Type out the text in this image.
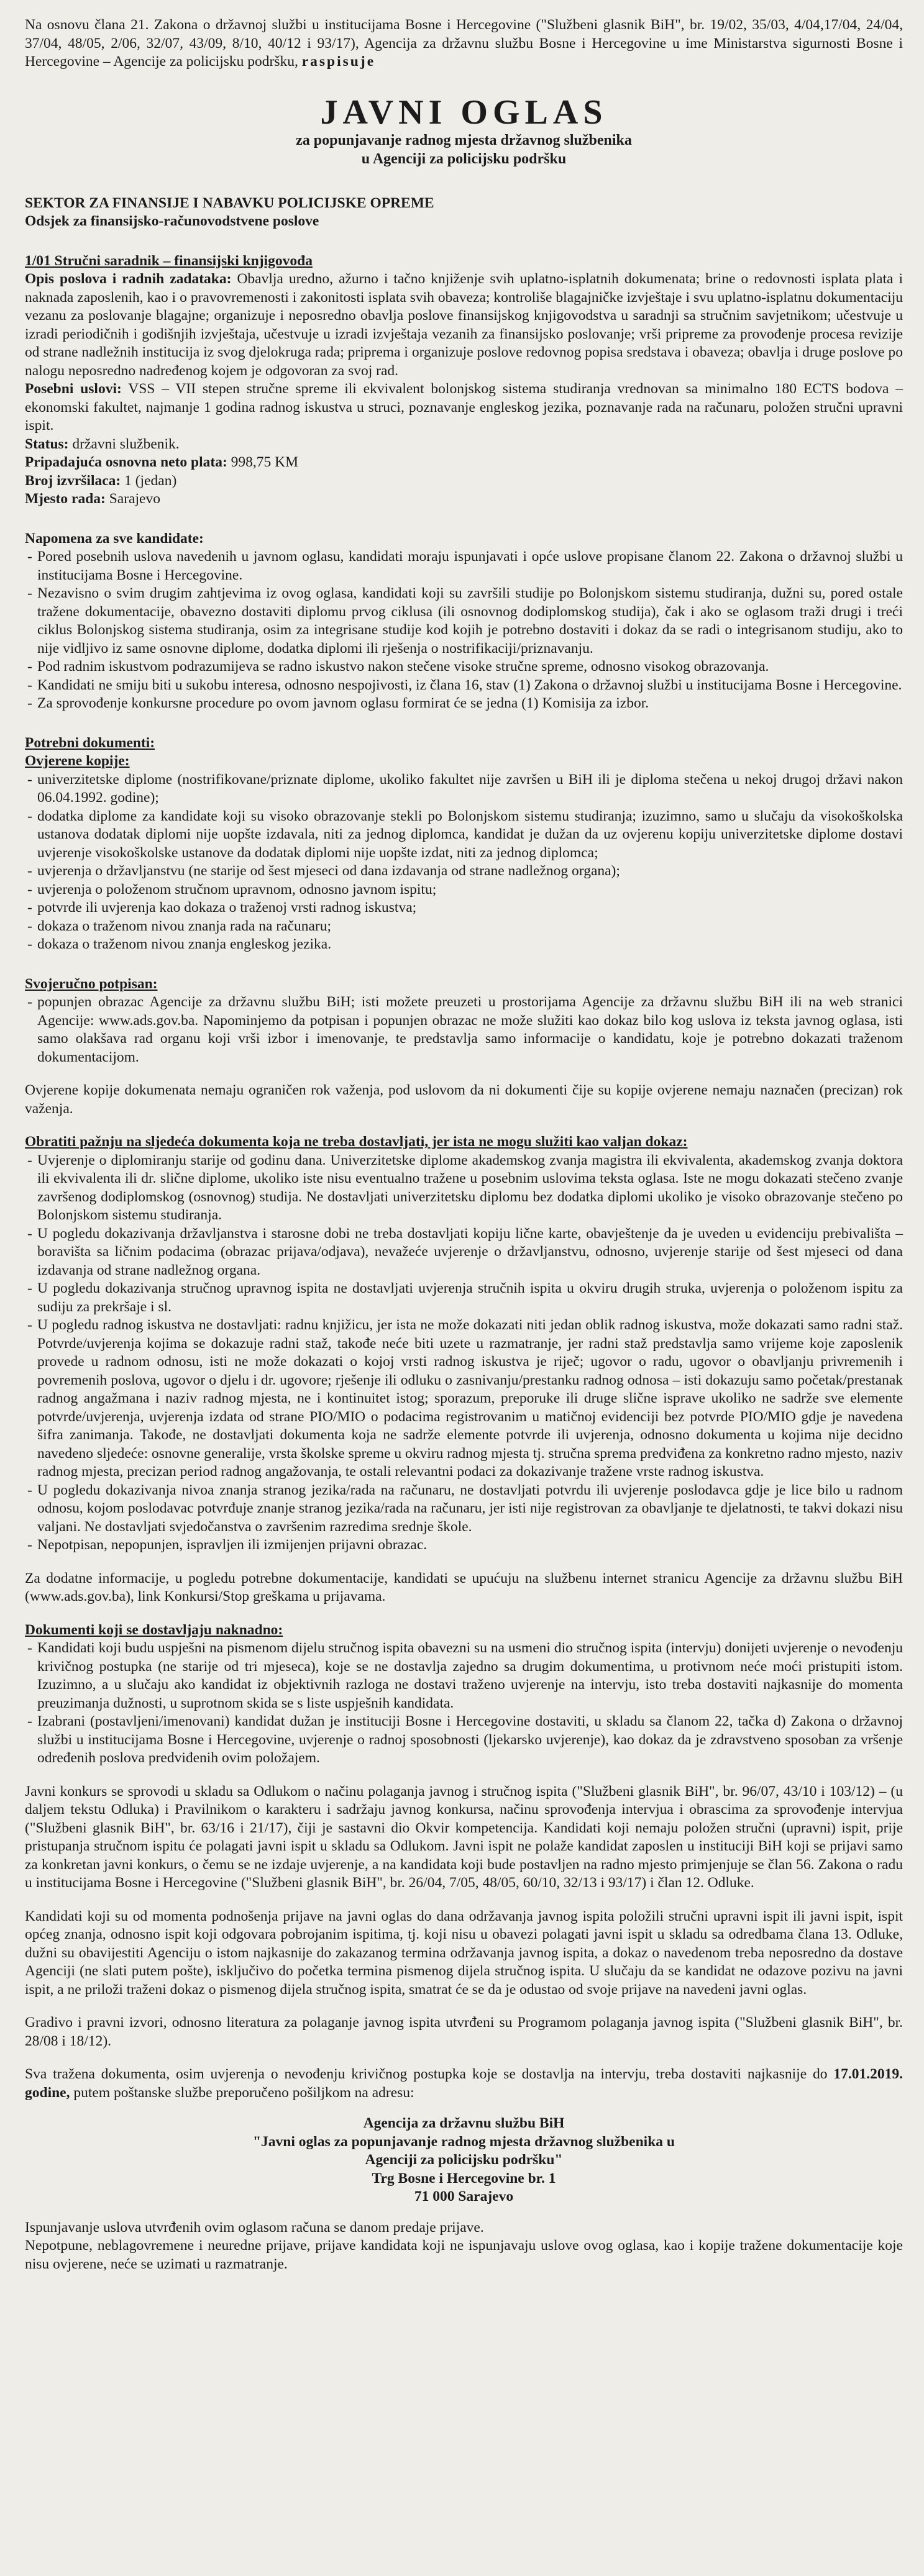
Na osnovu člana 21. Zakona o državnoj službi u institucijama Bosne i Hercegovine ("Službeni glasnik BiH", br. 19/02, 35/03, 4/04,17/04, 24/04, 37/04, 48/05, 2/06, 32/07, 43/09, 8/10, 40/12 i 93/17), Agencija za državnu službu Bosne i Hercegovine u ime Ministarstva sigurnosti Bosne i Hercegovine – Agencije za policijsku podršku, raspisuje

JAVNI OGLAS
za popunjavanje radnog mjesta državnog službenika
u Agenciji za policijsku podršku

SEKTOR ZA FINANSIJE I NABAVKU POLICIJSKE OPREME

Odsjek za finansijsko-računovodstvene poslove

1/01 Stručni saradnik – finansijski knjigovođa

Opis poslova i radnih zadataka: Obavlja uredno, ažurno i tačno knjiženje svih uplatno-isplatnih dokumenata; brine o redovnosti isplata plata i naknada zaposlenih, kao i o pravovremenosti i zakonitosti isplata svih obaveza; kontroliše blagajničke izvještaje i svu uplatno-isplatnu dokumentaciju vezanu za poslovanje blagajne; organizuje i neposredno obavlja poslove finansijskog knjigovodstva u saradnji sa stručnim savjetnikom; učestvuje u izradi periodičnih i godišnjih izvještaja, učestvuje u izradi izvještaja vezanih za finansijsko poslovanje; vrši pripreme za provođenje procesa revizije od strane nadležnih institucija iz svog djelokruga rada; priprema i organizuje poslove redovnog popisa sredstava i obaveza; obavlja i druge poslove po nalogu neposredno nadređenog kojem je odgovoran za svoj rad.

Posebni uslovi: VSS – VII stepen stručne spreme ili ekvivalent bolonjskog sistema studiranja vrednovan sa minimalno 180 ECTS bodova – ekonomski fakultet, najmanje 1 godina radnog iskustva u struci, poznavanje engleskog jezika, poznavanje rada na računaru, položen stručni upravni ispit.

Status: državni službenik.

Pripadajuća osnovna neto plata: 998,75 KM

Broj izvršilaca: 1 (jedan)

Mjesto rada: Sarajevo

Napomena za sve kandidate:

- Pored posebnih uslova navedenih u javnom oglasu, kandidati moraju ispunjavati i opće uslove propisane članom 22. Zakona o državnoj službi u institucijama Bosne i Hercegovine.
- Nezavisno o svim drugim zahtjevima iz ovog oglasa, kandidati koji su završili studije po Bolonjskom sistemu studiranja, dužni su, pored ostale tražene dokumentacije, obavezno dostaviti diplomu prvog ciklusa (ili osnovnog dodiplomskog studija), čak i ako se oglasom traži drugi i treći ciklus Bolonjskog sistema studiranja, osim za integrisane studije kod kojih je potrebno dostaviti i dokaz da se radi o integrisanom studiju, ako to nije vidljivo iz same osnovne diplome, dodatka diplomi ili rješenja o nostrifikaciji/priznavanju.
- Pod radnim iskustvom podrazumijeva se radno iskustvo nakon stečene visoke stručne spreme, odnosno visokog obrazovanja.
- Kandidati ne smiju biti u sukobu interesa, odnosno nespojivosti, iz člana 16, stav (1) Zakona o državnoj službi u institucijama Bosne i Hercegovine.
- Za sprovođenje konkursne procedure po ovom javnom oglasu formirat će se jedna (1) Komisija za izbor.

Potrebni dokumenti:

Ovjerene kopije:

- univerzitetske diplome (nostrifikovane/priznate diplome, ukoliko fakultet nije završen u BiH ili je diploma stečena u nekoj drugoj državi nakon 06.04.1992. godine);
- dodatka diplome za kandidate koji su visoko obrazovanje stekli po Bolonjskom sistemu studiranja; izuzimno, samo u slučaju da visokoškolska ustanova dodatak diplomi nije uopšte izdavala, niti za jednog diplomca, kandidat je dužan da uz ovjerenu kopiju univerzitetske diplome dostavi uvjerenje visokoškolske ustanove da dodatak diplomi nije uopšte izdat, niti za jednog diplomca;
- uvjerenja o državljanstvu (ne starije od šest mjeseci od dana izdavanja od strane nadležnog organa);
- uvjerenja o položenom stručnom upravnom, odnosno javnom ispitu;
- potvrde ili uvjerenja kao dokaza o traženoj vrsti radnog iskustva;
- dokaza o traženom nivou znanja rada na računaru;
- dokaza o traženom nivou znanja engleskog jezika.

Svojeručno potpisan:

- popunjen obrazac Agencije za državnu službu BiH; isti možete preuzeti u prostorijama Agencije za državnu službu BiH ili na web stranici Agencije: www.ads.gov.ba. Napominjemo da potpisan i popunjen obrazac ne može služiti kao dokaz bilo kog uslova iz teksta javnog oglasa, isti samo olakšava rad organu koji vrši izbor i imenovanje, te predstavlja samo informacije o kandidatu, koje je potrebno dokazati traženom dokumentacijom.

Ovjerene kopije dokumenata nemaju ograničen rok važenja, pod uslovom da ni dokumenti čije su kopije ovjerene nemaju naznačen (precizan) rok važenja.

Obratiti pažnju na sljedeća dokumenta koja ne treba dostavljati, jer ista ne mogu služiti kao valjan dokaz:

- Uvjerenje o diplomiranju starije od godinu dana. Univerzitetske diplome akademskog zvanja magistra ili ekvivalenta, akademskog zvanja doktora ili ekvivalenta ili dr. slične diplome, ukoliko iste nisu eventualno tražene u posebnim uslovima teksta oglasa. Iste ne mogu dokazati stečeno zvanje završenog dodiplomskog (osnovnog) studija. Ne dostavljati univerzitetsku diplomu bez dodatka diplomi ukoliko je visoko obrazovanje stečeno po Bolonjskom sistemu studiranja.
- U pogledu dokazivanja državljanstva i starosne dobi ne treba dostavljati kopiju lične karte, obavještenje da je uveden u evidenciju prebivališta – boravišta sa ličnim podacima (obrazac prijava/odjava), nevažeće uvjerenje o državljanstvu, odnosno, uvjerenje starije od šest mjeseci od dana izdavanja od strane nadležnog organa.
- U pogledu dokazivanja stručnog upravnog ispita ne dostavljati uvjerenja stručnih ispita u okviru drugih struka, uvjerenja o položenom ispitu za sudiju za prekršaje i sl.
- U pogledu radnog iskustva ne dostavljati: radnu knjižicu, jer ista ne može dokazati niti jedan oblik radnog iskustva, može dokazati samo radni staž. Potvrde/uvjerenja kojima se dokazuje radni staž, takođe neće biti uzete u razmatranje, jer radni staž predstavlja samo vrijeme koje zaposlenik provede u radnom odnosu, isti ne može dokazati o kojoj vrsti radnog iskustva je riječ; ugovor o radu, ugovor o obavljanju privremenih i povremenih poslova, ugovor o djelu i dr. ugovore; rješenje ili odluku o zasnivanju/prestanku radnog odnosa – isti dokazuju samo početak/prestanak radnog angažmana i naziv radnog mjesta, ne i kontinuitet istog; sporazum, preporuke ili druge slične isprave ukoliko ne sadrže sve elemente potvrde/uvjerenja, uvjerenja izdata od strane PIO/MIO o podacima registrovanim u matičnoj evidenciji bez potvrde PIO/MIO gdje je navedena šifra zanimanja. Takođe, ne dostavljati dokumenta koja ne sadrže elemente potvrde ili uvjerenja, odnosno dokumenta u kojima nije decidno navedeno sljedeće: osnovne generalije, vrsta školske spreme u okviru radnog mjesta tj. stručna sprema predviđena za konkretno radno mjesto, naziv radnog mjesta, precizan period radnog angažovanja, te ostali relevantni podaci za dokazivanje tražene vrste radnog iskustva.
- U pogledu dokazivanja nivoa znanja stranog jezika/rada na računaru, ne dostavljati potvrdu ili uvjerenje poslodavca gdje je lice bilo u radnom odnosu, kojom poslodavac potvrđuje znanje stranog jezika/rada na računaru, jer isti nije registrovan za obavljanje te djelatnosti, te takvi dokazi nisu valjani. Ne dostavljati svjedočanstva o završenim razredima srednje škole.
- Nepotpisan, nepopunjen, ispravljen ili izmijenjen prijavni obrazac.

Za dodatne informacije, u pogledu potrebne dokumentacije, kandidati se upućuju na službenu internet stranicu Agencije za državnu službu BiH (www.ads.gov.ba), link Konkursi/Stop greškama u prijavama.

Dokumenti koji se dostavljaju naknadno:

- Kandidati koji budu uspješni na pismenom dijelu stručnog ispita obavezni su na usmeni dio stručnog ispita (intervju) donijeti uvjerenje o nevođenju krivičnog postupka (ne starije od tri mjeseca), koje se ne dostavlja zajedno sa drugim dokumentima, u protivnom neće moći pristupiti istom. Izuzimno, a u slučaju ako kandidat iz objektivnih razloga ne dostavi traženo uvjerenje na intervju, isto treba dostaviti najkasnije do momenta preuzimanja dužnosti, u suprotnom skida se s liste uspješnih kandidata.
- Izabrani (postavljeni/imenovani) kandidat dužan je instituciji Bosne i Hercegovine dostaviti, u skladu sa članom 22, tačka d) Zakona o državnoj službi u institucijama Bosne i Hercegovine, uvjerenje o radnoj sposobnosti (ljekarsko uvjerenje), kao dokaz da je zdravstveno sposoban za vršenje određenih poslova predviđenih ovim položajem.

Javni konkurs se sprovodi u skladu sa Odlukom o načinu polaganja javnog i stručnog ispita ("Službeni glasnik BiH", br. 96/07, 43/10 i 103/12) – (u daljem tekstu Odluka) i Pravilnikom o karakteru i sadržaju javnog konkursa, načinu sprovođenja intervjua i obrascima za sprovođenje intervjua ("Službeni glasnik BiH", br. 63/16 i 21/17), čiji je sastavni dio Okvir kompetencija. Kandidati koji nemaju položen stručni (upravni) ispit, prije pristupanja stručnom ispitu će polagati javni ispit u skladu sa Odlukom. Javni ispit ne polaže kandidat zaposlen u instituciji BiH koji se prijavi samo za konkretan javni konkurs, o čemu se ne izdaje uvjerenje, a na kandidata koji bude postavljen na radno mjesto primjenjuje se član 56. Zakona o radu u institucijama Bosne i Hercegovine ("Službeni glasnik BiH", br. 26/04, 7/05, 48/05, 60/10, 32/13 i 93/17) i član 12. Odluke.

Kandidati koji su od momenta podnošenja prijave na javni oglas do dana održavanja javnog ispita položili stručni upravni ispit ili javni ispit, ispit općeg znanja, odnosno ispit koji odgovara pobrojanim ispitima, tj. koji nisu u obavezi polagati javni ispit u skladu sa odredbama člana 13. Odluke, dužni su obavijestiti Agenciju o istom najkasnije do zakazanog termina održavanja javnog ispita, a dokaz o navedenom treba neposredno da dostave Agenciji (ne slati putem pošte), isključivo do početka termina pismenog dijela stručnog ispita. U slučaju da se kandidat ne odazove pozivu na javni ispit, a ne priloži traženi dokaz o pismenog dijela stručnog ispita, smatrat će se da je odustao od svoje prijave na navedeni javni oglas.

Gradivo i pravni izvori, odnosno literatura za polaganje javnog ispita utvrđeni su Programom polaganja javnog ispita ("Službeni glasnik BiH", br. 28/08 i 18/12).

Sva tražena dokumenta, osim uvjerenja o nevođenju krivičnog postupka koje se dostavlja na intervju, treba dostaviti najkasnije do 17.01.2019. godine, putem poštanske službe preporučeno pošiljkom na adresu:

Agencija za državnu službu BiH
"Javni oglas za popunjavanje radnog mjesta državnog službenika u
Agenciji za policijsku podršku"
Trg Bosne i Hercegovine br. 1
71 000 Sarajevo

Ispunjavanje uslova utvrđenih ovim oglasom računa se danom predaje prijave.

Nepotpune, neblagovremene i neuredne prijave, prijave kandidata koji ne ispunjavaju uslove ovog oglasa, kao i kopije tražene dokumentacije koje nisu ovjerene, neće se uzimati u razmatranje.
